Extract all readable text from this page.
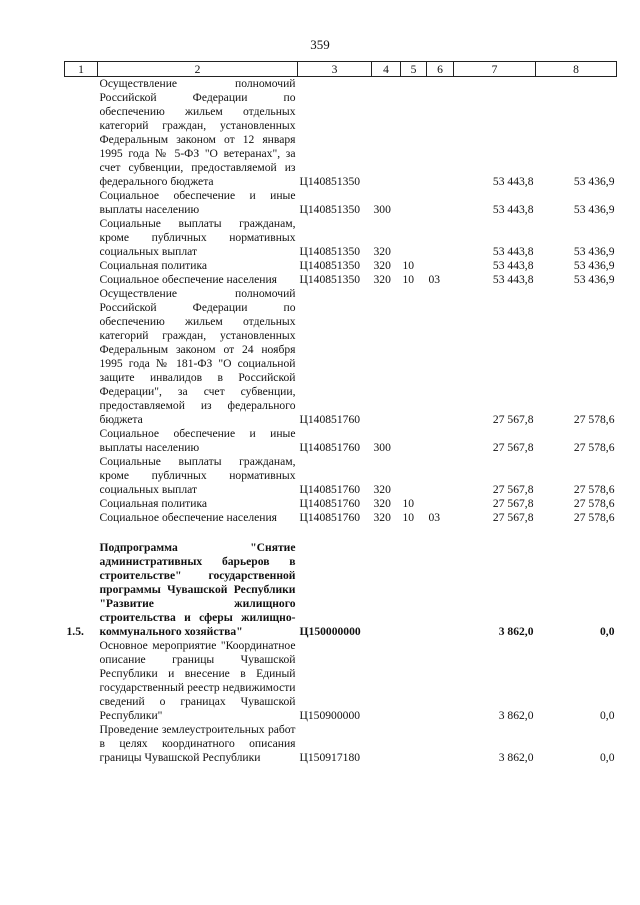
359
1	2	3	4	5	6	7	8
	Осуществление полномочий Российской Федерации по обеспечению жильем отдельных категорий граждан, установленных Федеральным законом от 12 января 1995 года № 5-ФЗ "О ветеранах", за счет субвенции, предоставляемой из федерального бюджета	Ц140851350				53 443,8	53 436,9
	Социальное обеспечение и иные выплаты населению	Ц140851350	300			53 443,8	53 436,9
	Социальные выплаты гражданам, кроме публичных нормативных социальных выплат	Ц140851350	320			53 443,8	53 436,9
	Социальная политика	Ц140851350	320	10		53 443,8	53 436,9
	Социальное обеспечение населения	Ц140851350	320	10	03	53 443,8	53 436,9
	Осуществление полномочий Российской Федерации по обеспечению жильем отдельных категорий граждан, установленных Федеральным законом от 24 ноября 1995 года № 181-ФЗ "О социальной защите инвалидов в Российской Федерации", за счет субвенции, предоставляемой из федерального бюджета	Ц140851760				27 567,8	27 578,6
	Социальное обеспечение и иные выплаты населению	Ц140851760	300			27 567,8	27 578,6
	Социальные выплаты гражданам, кроме публичных нормативных социальных выплат	Ц140851760	320			27 567,8	27 578,6
	Социальная политика	Ц140851760	320	10		27 567,8	27 578,6
	Социальное обеспечение населения	Ц140851760	320	10	03	27 567,8	27 578,6

1.5.	Подпрограмма "Снятие административных барьеров в строительстве" государственной программы Чувашской Республики "Развитие жилищного строительства и сферы жилищно-коммунального хозяйства"	Ц150000000				3 862,0	0,0
	Основное мероприятие "Координатное описание границы Чувашской Республики и внесение в Единый государственный реестр недвижимости сведений о границах Чувашской Республики"	Ц150900000				3 862,0	0,0
	Проведение землеустроительных работ в целях координатного описания границы Чувашской Республики	Ц150917180				3 862,0	0,0
